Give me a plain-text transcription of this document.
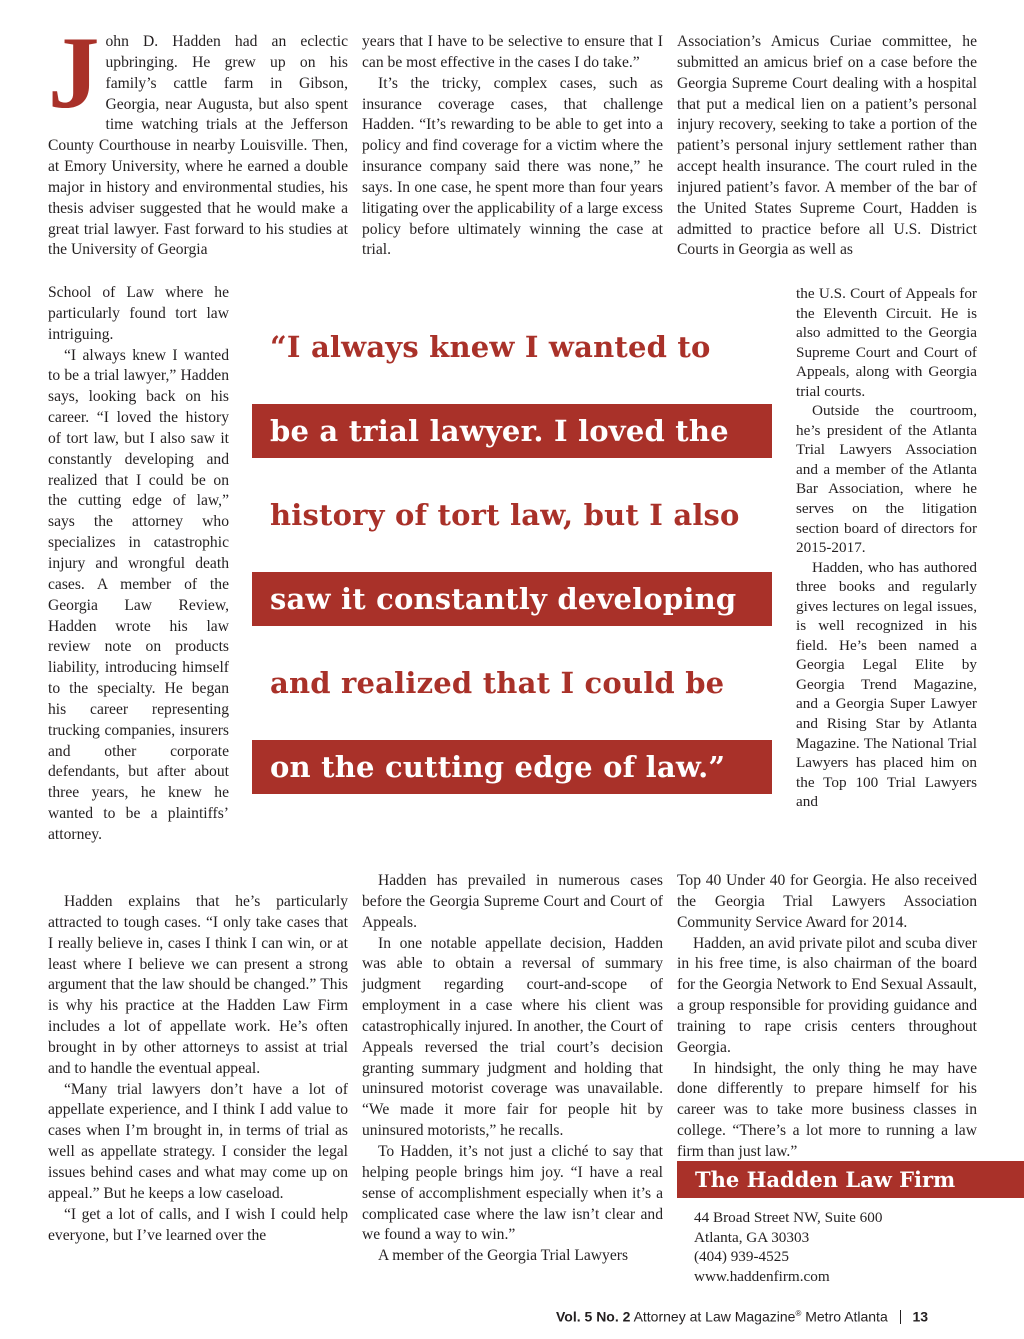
John D. Hadden had an eclectic upbringing. He grew up on his family’s cattle farm in Gibson, Georgia, near Augusta, but also spent time watching trials at the Jefferson County Courthouse in nearby Louisville. Then, at Emory University, where he earned a double major in history and environmental studies, his thesis adviser suggested that he would make a great trial lawyer. Fast forward to his studies at the University of Georgia

School of Law where he particularly found tort law intriguing.

“I always knew I wanted to be a trial lawyer,” Hadden says, looking back on his career. “I loved the history of tort law, but I also saw it constantly developing and realized that I could be on the cutting edge of law,” says the attorney who specializes in catastrophic injury and wrongful death cases. A member of the Georgia Law Review, Hadden wrote his law review note on products liability, introducing himself to the specialty. He began his career representing trucking companies, insurers and other corporate defendants, but after about three years, he knew he wanted to be a plaintiffs’ attorney.

Hadden explains that he’s particularly attracted to tough cases. “I only take cases that I really believe in, cases I think I can win, or at least where I believe we can present a strong argument that the law should be changed.” This is why his practice at the Hadden Law Firm includes a lot of appellate work. He’s often brought in by other attorneys to assist at trial and to handle the eventual appeal.

“Many trial lawyers don’t have a lot of appellate experience, and I think I add value to cases when I’m brought in, in terms of trial as well as appellate strategy. I consider the legal issues behind cases and what may come up on appeal.” But he keeps a low caseload.

“I get a lot of calls, and I wish I could help everyone, but I’ve learned over the

years that I have to be selective to ensure that I can be most effective in the cases I do take.”

It’s the tricky, complex cases, such as insurance coverage cases, that challenge Hadden. “It’s rewarding to be able to get into a policy and find coverage for a victim where the insurance company said there was none,” he says. In one case, he spent more than four years litigating over the applicability of a large excess policy before ultimately winning the case at trial.

Hadden has prevailed in numerous cases before the Georgia Supreme Court and Court of Appeals.

In one notable appellate decision, Hadden was able to obtain a reversal of summary judgment regarding court-and-scope of employment in a case where his client was catastrophically injured. In another, the Court of Appeals reversed the trial court’s decision granting summary judgment and holding that uninsured motorist coverage was unavailable. “We made it more fair for people hit by uninsured motorists,” he recalls.

To Hadden, it’s not just a cliché to say that helping people brings him joy. “I have a real sense of accomplishment especially when it’s a complicated case where the law isn’t clear and we found a way to win.”

A member of the Georgia Trial Lawyers

Association’s Amicus Curiae committee, he submitted an amicus brief on a case before the Georgia Supreme Court dealing with a hospital that put a medical lien on a patient’s personal injury recovery, seeking to take a portion of the patient’s personal injury settlement rather than accept health insurance. The court ruled in the injured patient’s favor. A member of the bar of the United States Supreme Court, Hadden is admitted to practice before all U.S. District Courts in Georgia as well as

the U.S. Court of Appeals for the Eleventh Circuit. He is also admitted to the Georgia Supreme Court and Court of Appeals, along with Georgia trial courts.

Outside the courtroom, he’s president of the Atlanta Trial Lawyers Association and a member of the Atlanta Bar Association, where he serves on the litigation section board of directors for 2015-2017.

Hadden, who has authored three books and regularly gives lectures on legal issues, is well recognized in his field. He’s been named a Georgia Legal Elite by Georgia Trend Magazine, and a Georgia Super Lawyer and Rising Star by Atlanta Magazine. The National Trial Lawyers has placed him on the Top 100 Trial Lawyers and

Top 40 Under 40 for Georgia. He also received the Georgia Trial Lawyers Association Community Service Award for 2014.

Hadden, an avid private pilot and scuba diver in his free time, is also chairman of the board for the Georgia Network to End Sexual Assault, a group responsible for providing guidance and training to rape crisis centers throughout Georgia.

In hindsight, the only thing he may have done differently to prepare himself for his career was to take more business classes in college. “There’s a lot more to running a law firm than just law.”

“I always knew I wanted to
be a trial lawyer. I loved the
history of tort law, but I also
saw it constantly developing
and realized that I could be
on the cutting edge of law.”
The Hadden Law Firm
44 Broad Street NW, Suite 600
Atlanta, GA 30303
(404) 939-4525
www.haddenfirm.com
Vol. 5 No. 2 Attorney at Law Magazine® Metro Atlanta 13
